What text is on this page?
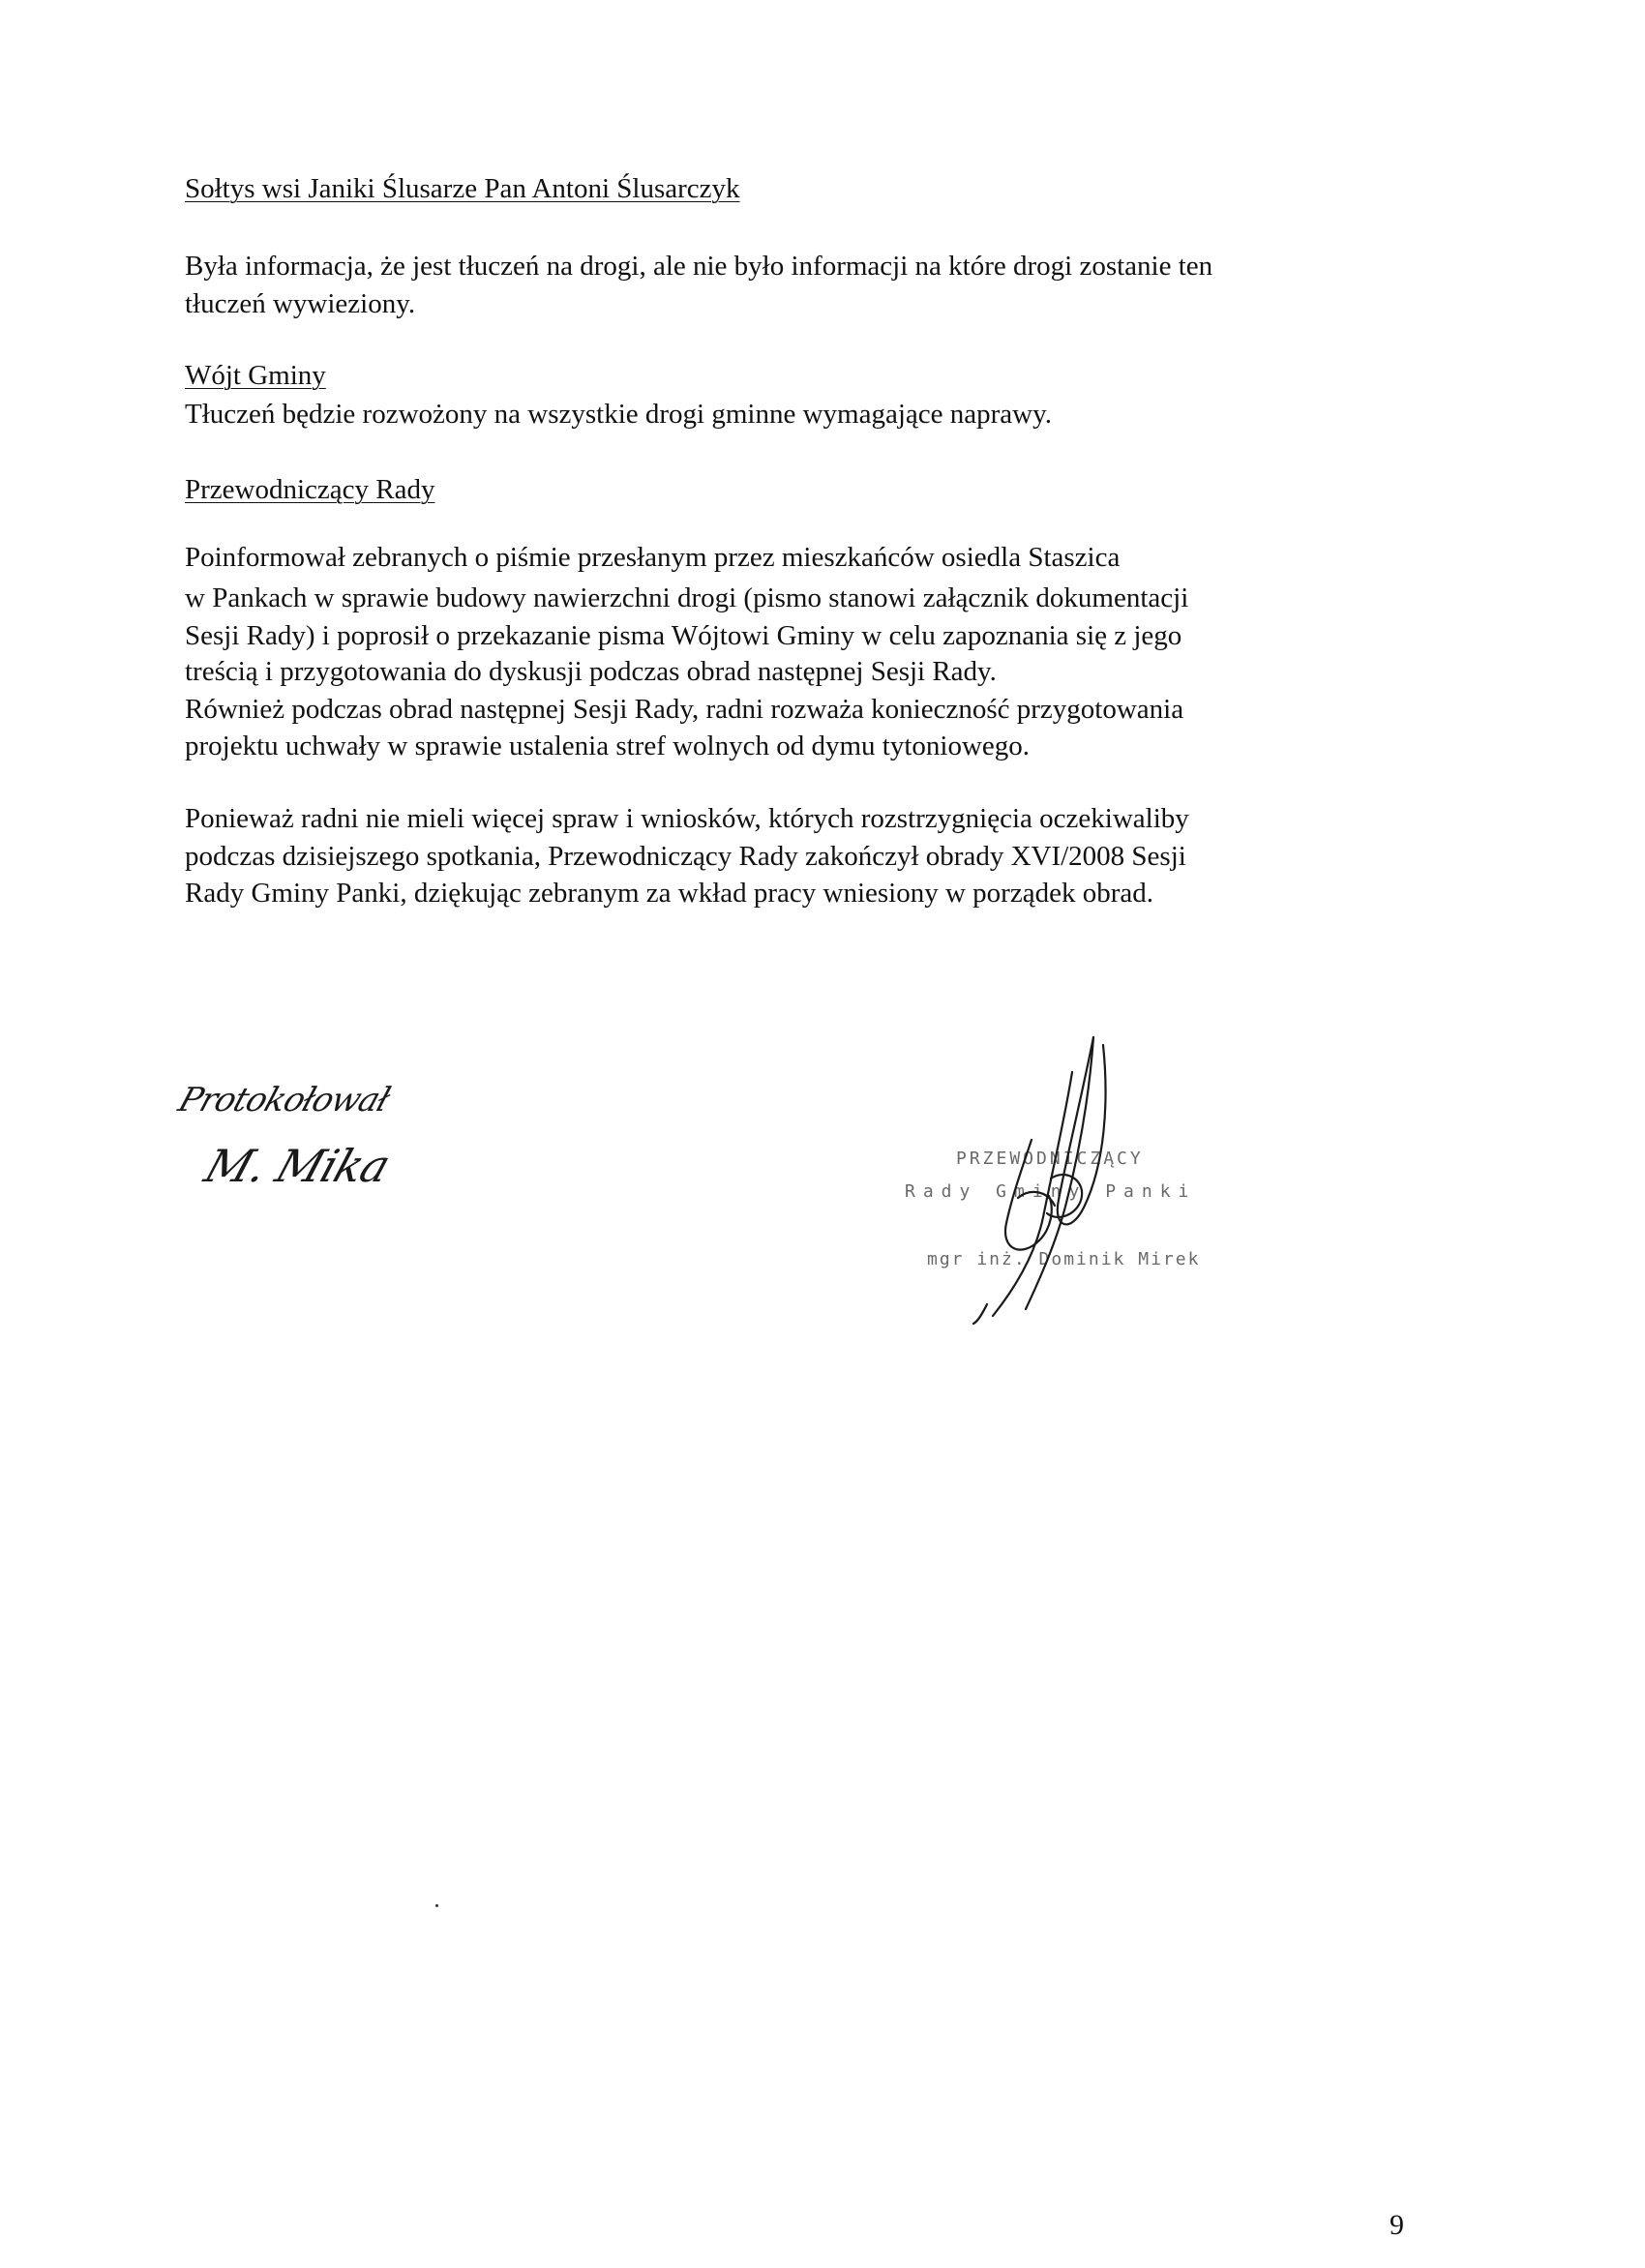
Sołtys wsi Janiki Ślusarze Pan Antoni Ślusarczyk
Była informacja, że jest tłuczeń na drogi, ale nie było informacji na które drogi zostanie ten
tłuczeń wywieziony.
Wójt Gminy
Tłuczeń będzie rozwożony na wszystkie drogi gminne wymagające naprawy.
Przewodniczący Rady
Poinformował zebranych o piśmie przesłanym przez mieszkańców osiedla Staszica
w Pankach w sprawie budowy nawierzchni drogi (pismo stanowi załącznik dokumentacji
Sesji Rady) i poprosił o przekazanie pisma Wójtowi Gminy w celu zapoznania się z jego
treścią i przygotowania do dyskusji podczas obrad następnej Sesji Rady.
Również podczas obrad następnej Sesji Rady, radni rozważa konieczność przygotowania
projektu uchwały w sprawie ustalenia stref wolnych od dymu tytoniowego.
Ponieważ radni nie mieli więcej spraw i wniosków, których rozstrzygnięcia oczekiwaliby
podczas dzisiejszego spotkania, Przewodniczący Rady zakończył obrady XVI/2008 Sesji
Rady Gminy Panki, dziękując zebranym za wkład pracy wniesiony w porządek obrad.
Protokołował
M. Mika	PRZEWODNICZĄCY
Rady Gminy Panki
mgr inż. Dominik Mirek
9
